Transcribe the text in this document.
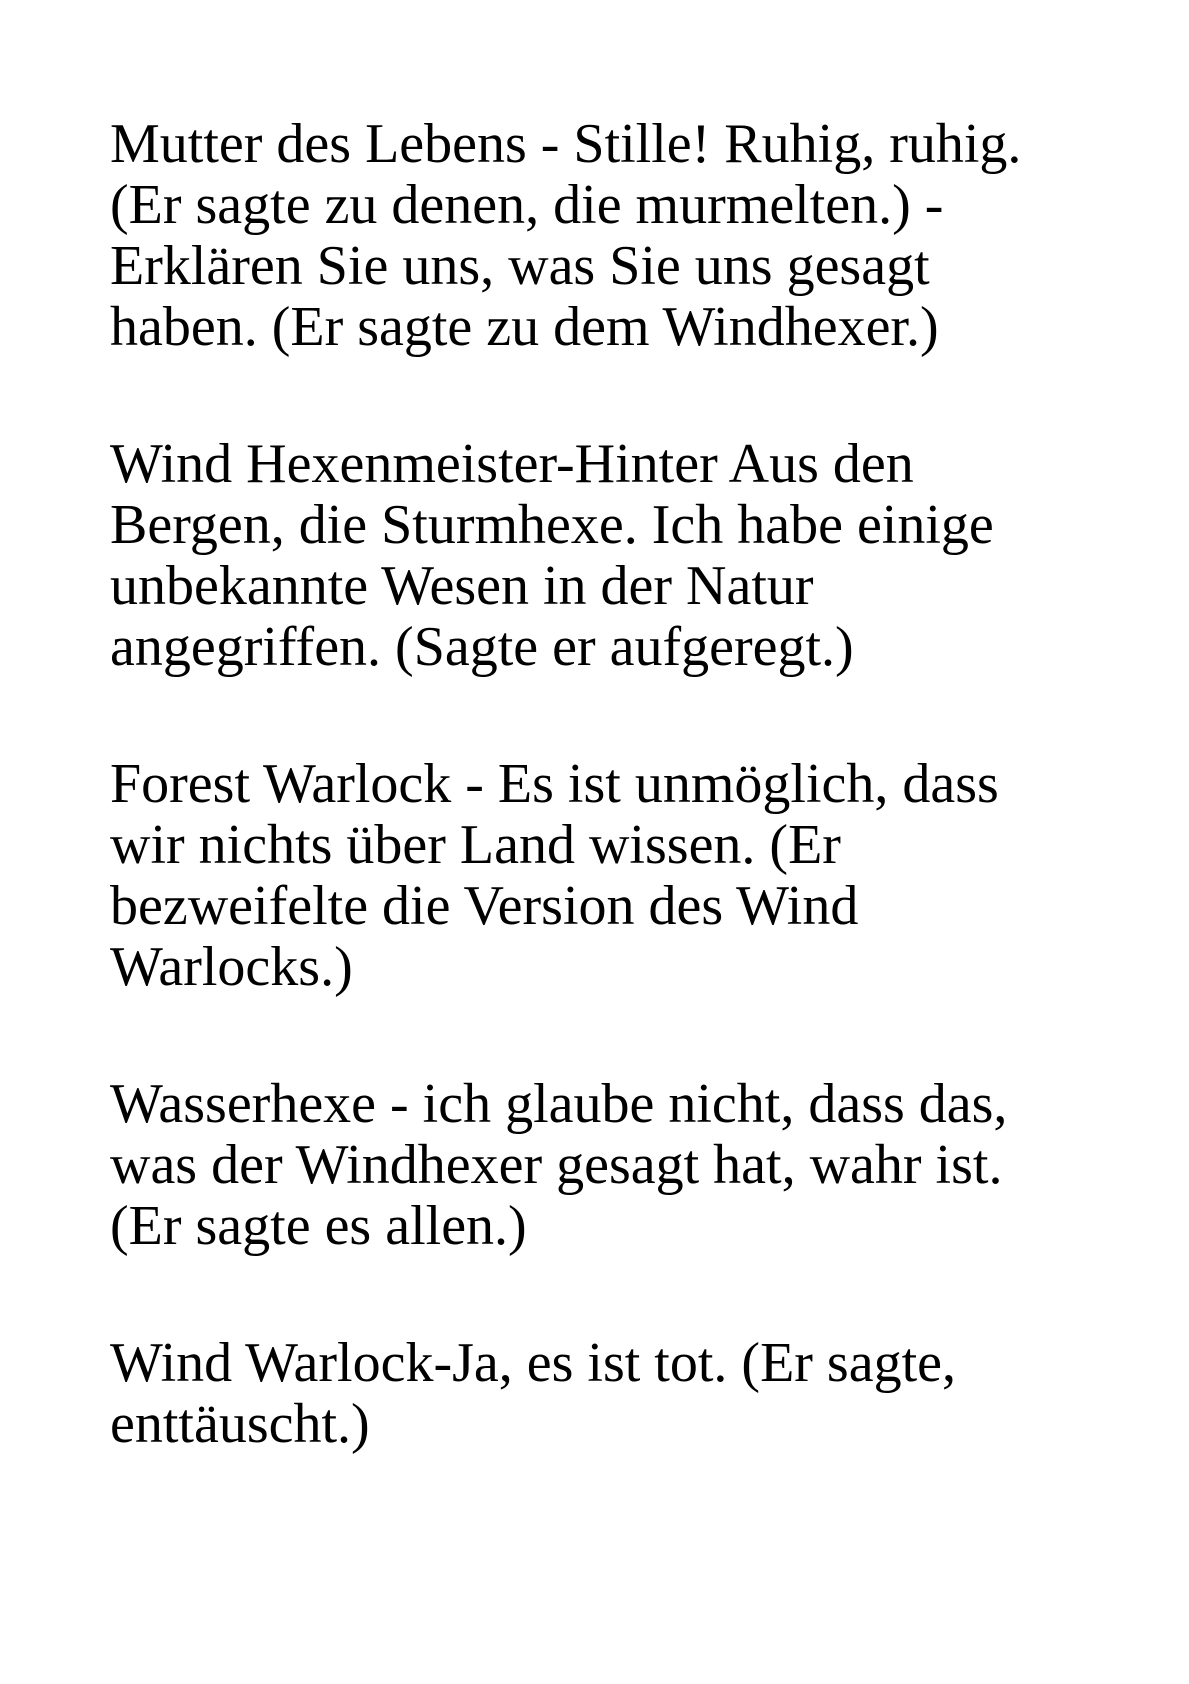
Mutter des Lebens - Stille! Ruhig, ruhig.
(Er sagte zu denen, die murmelten.) -
Erklären Sie uns, was Sie uns gesagt
haben. (Er sagte zu dem Windhexer.)
Wind Hexenmeister-Hinter Aus den
Bergen, die Sturmhexe. Ich habe einige
unbekannte Wesen in der Natur
angegriffen. (Sagte er aufgeregt.)
Forest Warlock - Es ist unmöglich, dass
wir nichts über Land wissen. (Er
bezweifelte die Version des Wind
Warlocks.)
Wasserhexe - ich glaube nicht, dass das,
was der Windhexer gesagt hat, wahr ist.
(Er sagte es allen.)
Wind Warlock-Ja, es ist tot. (Er sagte,
enttäuscht.)
